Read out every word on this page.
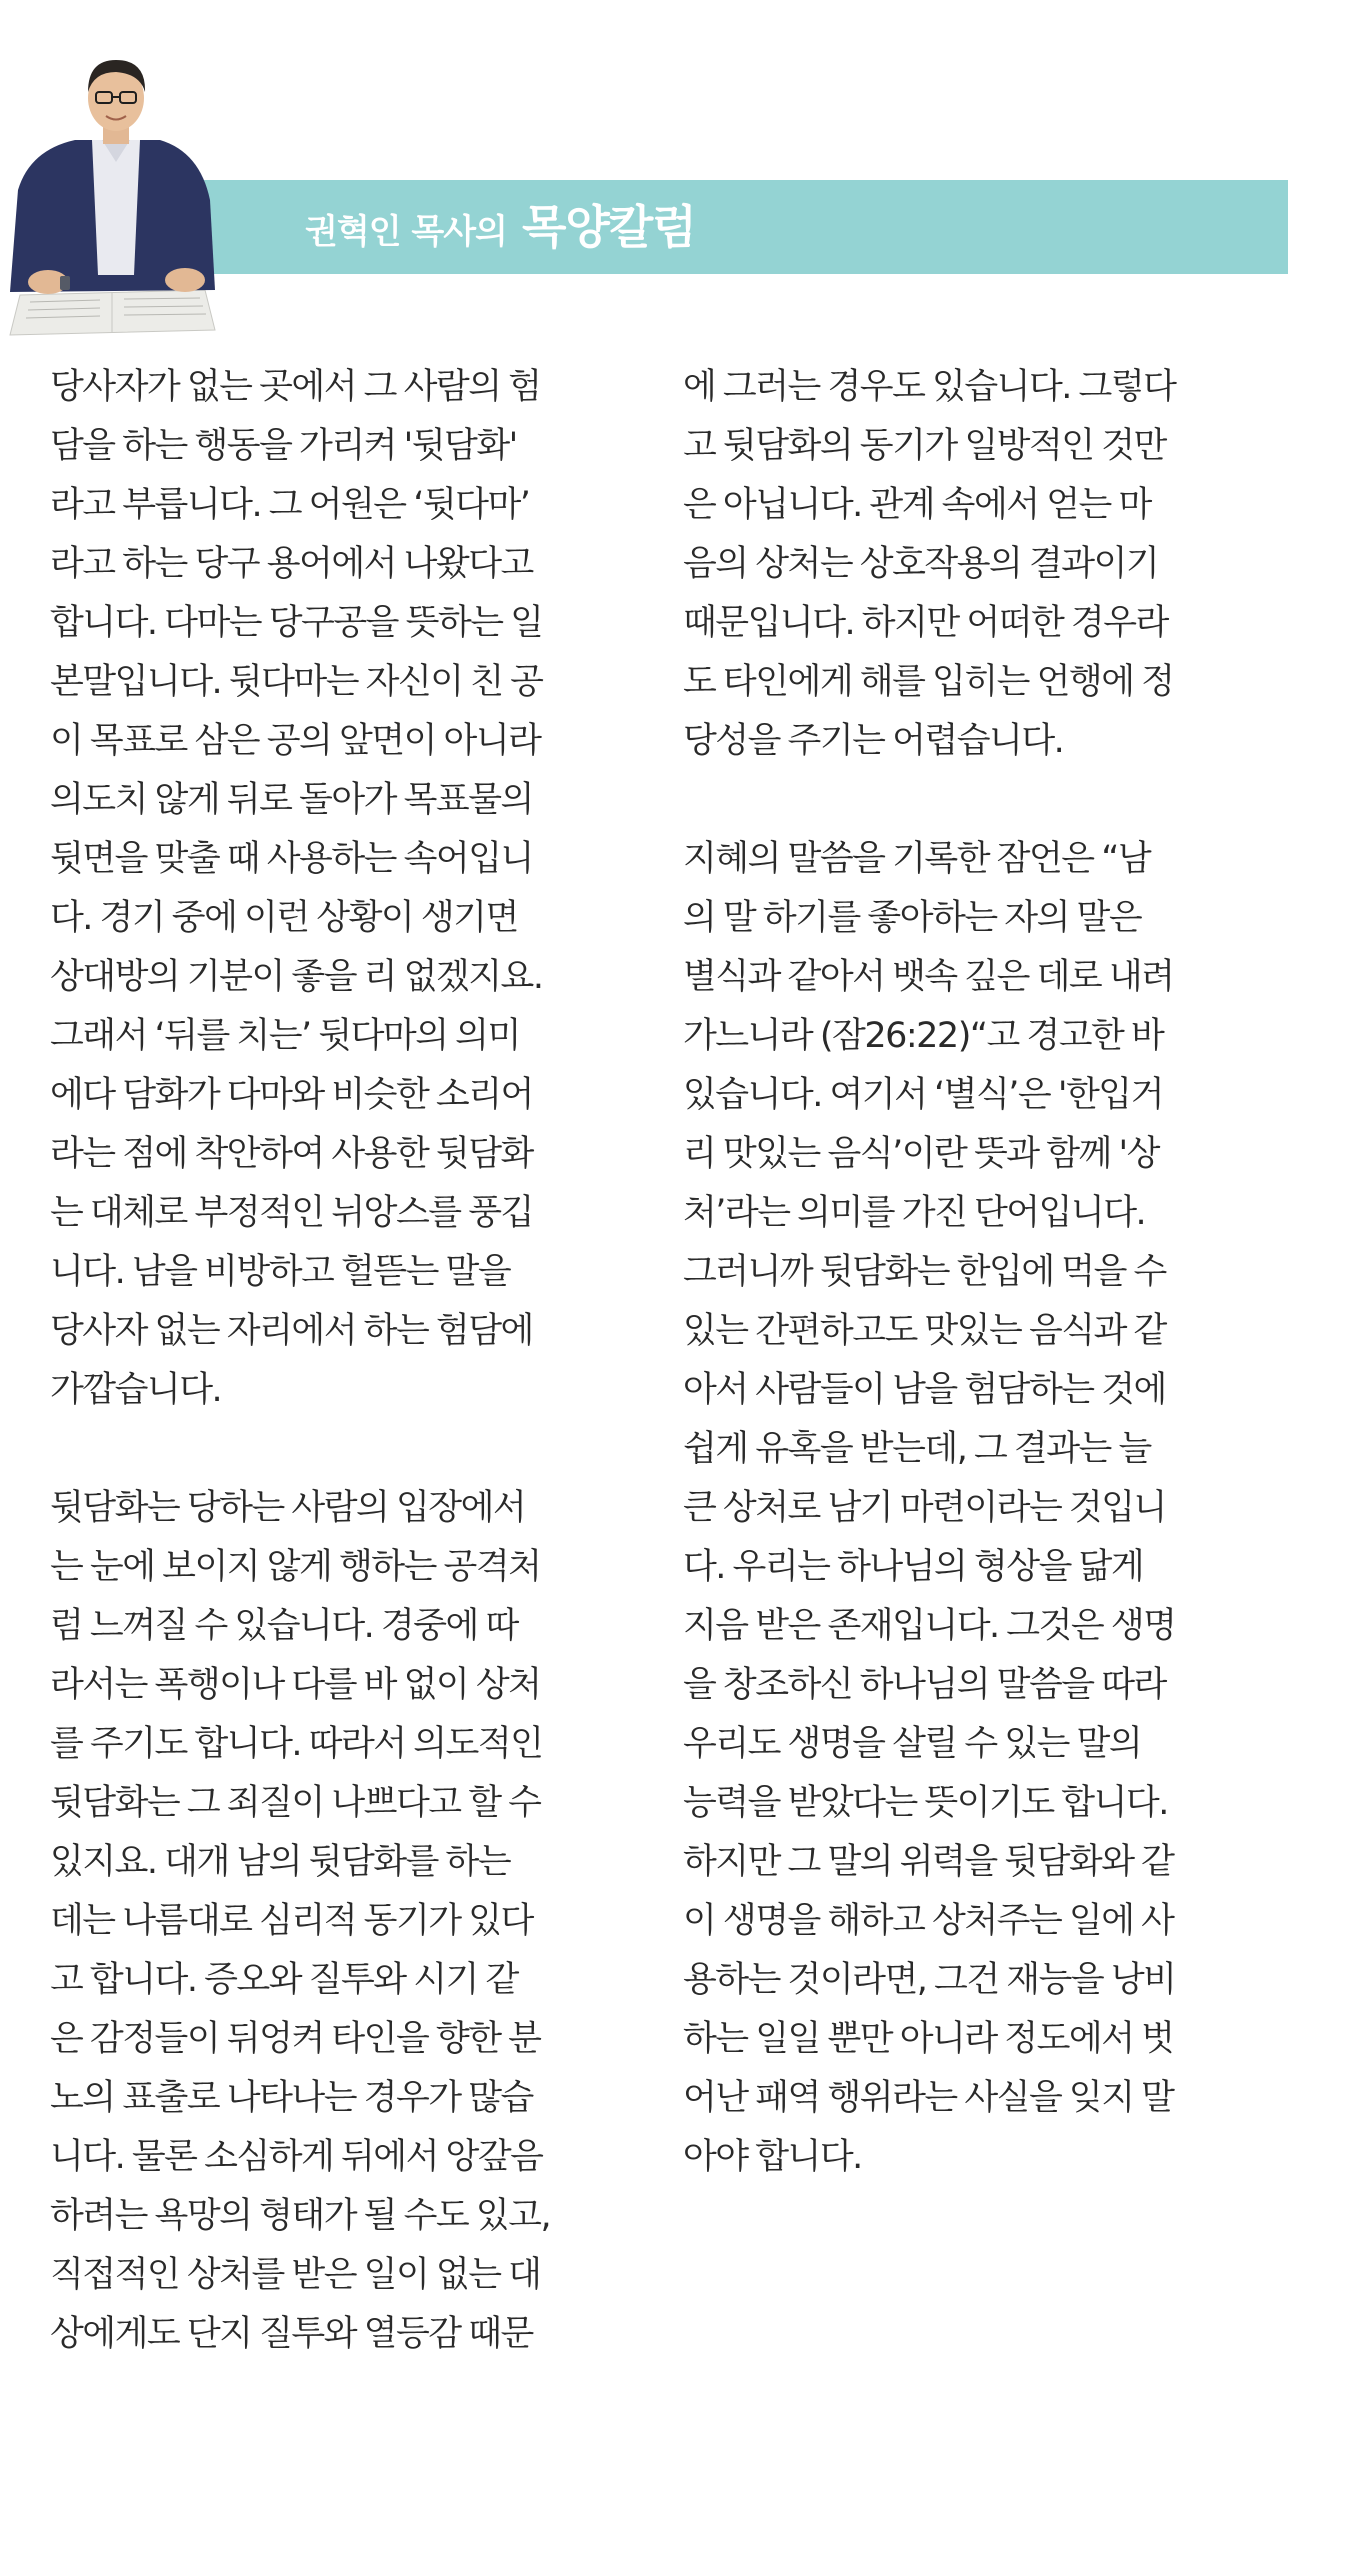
권혁인 목사의 목양칼럼
당사자가 없는 곳에서 그 사람의 험
담을 하는 행동을 가리켜 '뒷담화'
라고 부릅니다. 그 어원은 ‘뒷다마’
라고 하는 당구 용어에서 나왔다고
합니다. 다마는 당구공을 뜻하는 일
본말입니다. 뒷다마는 자신이 친 공
이 목표로 삼은 공의 앞면이 아니라
의도치 않게 뒤로 돌아가 목표물의
뒷면을 맞출 때 사용하는 속어입니
다. 경기 중에 이런 상황이 생기면
상대방의 기분이 좋을 리 없겠지요.
그래서 ‘뒤를 치는’ 뒷다마의 의미
에다 담화가 다마와 비슷한 소리어
라는 점에 착안하여 사용한 뒷담화
는 대체로 부정적인 뉘앙스를 풍깁
니다. 남을 비방하고 헐뜯는 말을
당사자 없는 자리에서 하는 험담에
가깝습니다.
뒷담화는 당하는 사람의 입장에서
는 눈에 보이지 않게 행하는 공격처
럼 느껴질 수 있습니다. 경중에 따
라서는 폭행이나 다를 바 없이 상처
를 주기도 합니다. 따라서 의도적인
뒷담화는 그 죄질이 나쁘다고 할 수
있지요. 대개 남의 뒷담화를 하는
데는 나름대로 심리적 동기가 있다
고 합니다. 증오와 질투와 시기 같
은 감정들이 뒤엉켜 타인을 향한 분
노의 표출로 나타나는 경우가 많습
니다. 물론 소심하게 뒤에서 앙갚음
하려는 욕망의 형태가 될 수도 있고,
직접적인 상처를 받은 일이 없는 대
상에게도 단지 질투와 열등감 때문
에 그러는 경우도 있습니다. 그렇다
고 뒷담화의 동기가 일방적인 것만
은 아닙니다. 관계 속에서 얻는 마
음의 상처는 상호작용의 결과이기
때문입니다. 하지만 어떠한 경우라
도 타인에게 해를 입히는 언행에 정
당성을 주기는 어렵습니다.
지혜의 말씀을 기록한 잠언은 “남
의 말 하기를 좋아하는 자의 말은
별식과 같아서 뱃속 깊은 데로 내려
가느니라 (잠26:22)“고 경고한 바
있습니다. 여기서 ‘별식’은 '한입거
리 맛있는 음식’이란 뜻과 함께 '상
처’라는 의미를 가진 단어입니다.
그러니까 뒷담화는 한입에 먹을 수
있는 간편하고도 맛있는 음식과 같
아서 사람들이 남을 험담하는 것에
쉽게 유혹을 받는데, 그 결과는 늘
큰 상처로 남기 마련이라는 것입니
다. 우리는 하나님의 형상을 닮게
지음 받은 존재입니다. 그것은 생명
을 창조하신 하나님의 말씀을 따라
우리도 생명을 살릴 수 있는 말의
능력을 받았다는 뜻이기도 합니다.
하지만 그 말의 위력을 뒷담화와 같
이 생명을 해하고 상처주는 일에 사
용하는 것이라면, 그건 재능을 낭비
하는 일일 뿐만 아니라 정도에서 벗
어난 패역 행위라는 사실을 잊지 말
아야 합니다.
